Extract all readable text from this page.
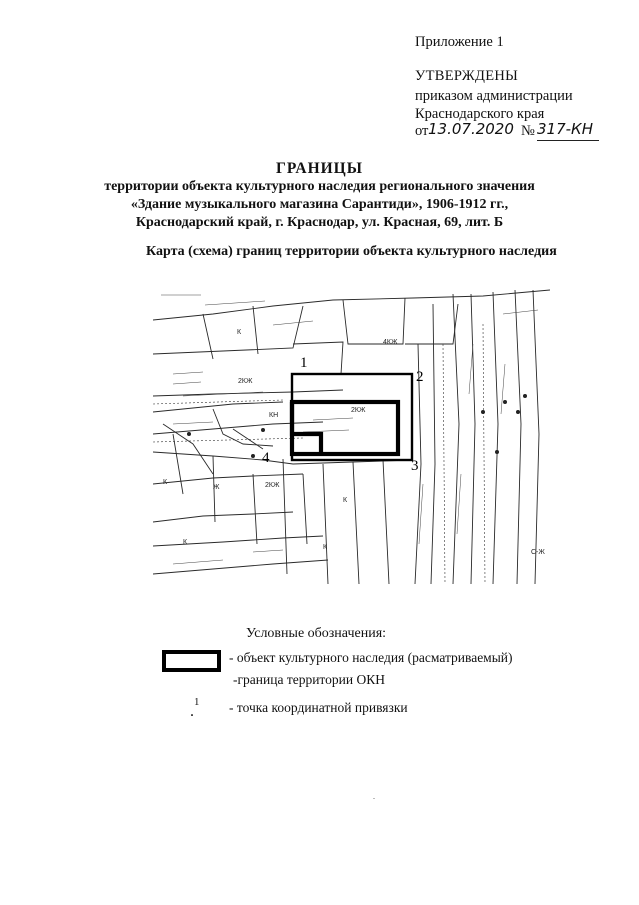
Приложение 1
УТВЕРЖДЕНЫ
приказом администрации
Краснодарского края
от 13.07.2020 № 317-КН
ГРАНИЦЫ
территории объекта культурного наследия регионального значения
«Здание музыкального магазина Сарантиди», 1906-1912 гг.,
Краснодарский край, г. Краснодар, ул. Красная, 69, лит. Б
Карта (схема) границ территории объекта культурного наследия
1
2
3
4
2КЖ
2КЖ
4КЖ
К
К
К
К
КН
2КЖ
Ж
К
С-Ж
Условные обозначения:
- объект культурного наследия (расматриваемый)
-граница территории ОКН
.$^1$ - точка координатной привязки
